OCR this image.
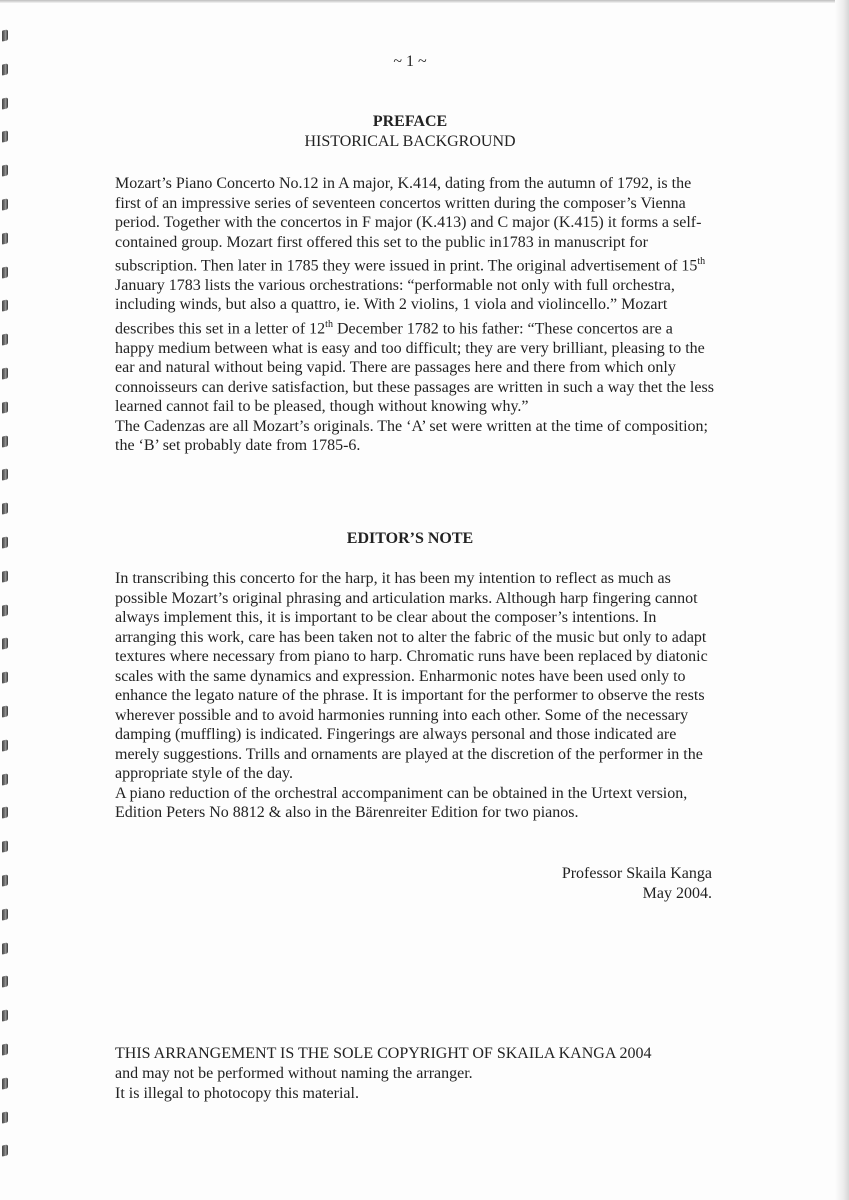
~ 1 ~
PREFACE
HISTORICAL BACKGROUND

Mozart’s Piano Concerto No.12 in A major, K.414, dating from the autumn of 1792, is the first of an impressive series of seventeen concertos written during the composer’s Vienna period. Together with the concertos in F major (K.413) and C major (K.415) it forms a self-contained group. Mozart first offered this set to the public in1783 in manuscript for subscription. Then later in 1785 they were issued in print. The original advertisement of 15th January 1783 lists the various orchestrations: “performable not only with full orchestra, including winds, but also a quattro, ie. With 2 violins, 1 viola and violincello.” Mozart describes this set in a letter of 12th December 1782 to his father: “These concertos are a happy medium between what is easy and too difficult; they are very brilliant, pleasing to the ear and natural without being vapid. There are passages here and there from which only connoisseurs can derive satisfaction, but these passages are written in such a way thet the less learned cannot fail to be pleased, though without knowing why.”

The Cadenzas are all Mozart’s originals. The ‘A’ set were written at the time of composition; the ‘B’ set probably date from 1785-6.

EDITOR’S NOTE

In transcribing this concerto for the harp, it has been my intention to reflect as much as possible Mozart’s original phrasing and articulation marks. Although harp fingering cannot always implement this, it is important to be clear about the composer’s intentions. In arranging this work, care has been taken not to alter the fabric of the music but only to adapt textures where necessary from piano to harp. Chromatic runs have been replaced by diatonic scales with the same dynamics and expression. Enharmonic notes have been used only to enhance the legato nature of the phrase. It is important for the performer to observe the rests wherever possible and to avoid harmonies running into each other. Some of the necessary damping (muffling) is indicated. Fingerings are always personal and those indicated are merely suggestions. Trills and ornaments are played at the discretion of the performer in the appropriate style of the day.

A piano reduction of the orchestral accompaniment can be obtained in the Urtext version, Edition Peters No 8812 & also in the Bärenreiter Edition for two pianos.

Professor Skaila Kanga
May 2004.
THIS ARRANGEMENT IS THE SOLE COPYRIGHT OF SKAILA KANGA 2004
and may not be performed without naming the arranger.
It is illegal to photocopy this material.
